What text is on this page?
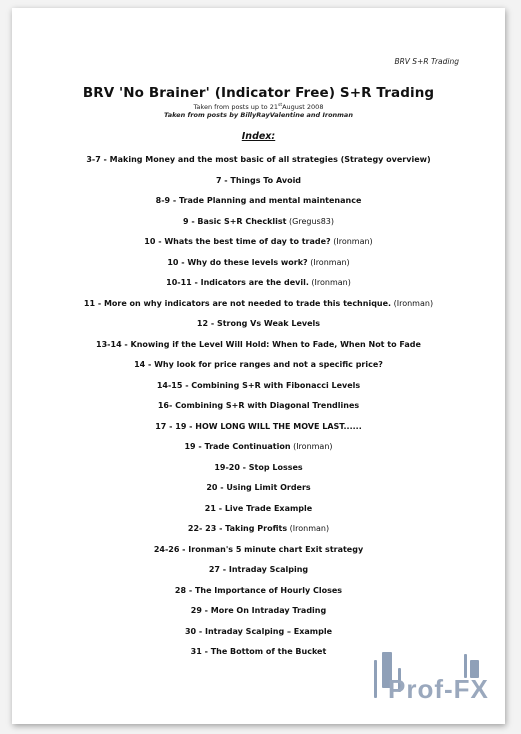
BRV S+R Trading
BRV 'No Brainer' (Indicator Free) S+R Trading
Taken from posts up to 21stAugust 2008
Taken from posts by BillyRayValentine and Ironman
Index:
3-7 - Making Money and the most basic of all strategies (Strategy overview)
7 - Things To Avoid
8-9 - Trade Planning and mental maintenance
9 - Basic S+R Checklist (Gregus83)
10 - Whats the best time of day to trade? (Ironman)
10 - Why do these levels work? (Ironman)
10-11 - Indicators are the devil. (Ironman)
11 - More on why indicators are not needed to trade this technique. (Ironman)
12 - Strong Vs Weak Levels
13-14 - Knowing if the Level Will Hold: When to Fade, When Not to Fade
14 - Why look for price ranges and not a specific price?
14-15 - Combining S+R with Fibonacci Levels
16- Combining S+R with Diagonal Trendlines
17 - 19 - HOW LONG WILL THE MOVE LAST......
19 - Trade Continuation (Ironman)
19-20 - Stop Losses
20 - Using Limit Orders
21 - Live Trade Example
22- 23 - Taking Profits (Ironman)
24-26 - Ironman's 5 minute chart Exit strategy
27 - Intraday Scalping
28 - The Importance of Hourly Closes
29 - More On Intraday Trading
30 - Intraday Scalping – Example
31 - The Bottom of the Bucket
Prof-FX
